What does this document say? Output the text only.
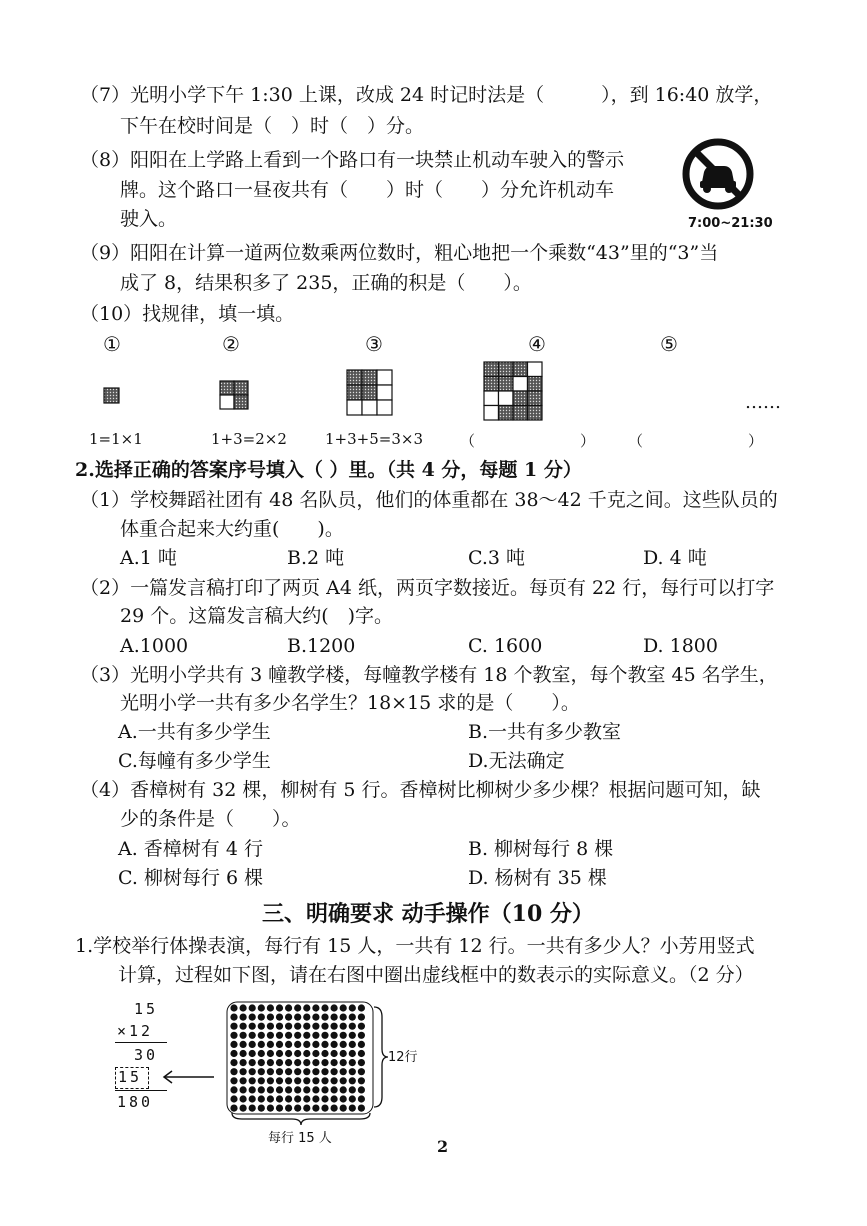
（7）光明小学下午 1:30 上课，改成 24 时记时法是（　　　），到 16:40 放学，
下午在校时间是（　）时（　）分。
（8）阳阳在上学路上看到一个路口有一块禁止机动车驶入的警示
牌。这个路口一昼夜共有（　　）时（　　）分允许机动车
驶入。	7:00~21:30
（9）阳阳在计算一道两位数乘两位数时，粗心地把一个乘数“43”里的“3”当
成了 8，结果积多了 235，正确的积是（　　）。
（10）找规律，填一填。
①	②	③	④	⑤
……
1=1×1	1+3=2×2	1+3+5=3×3 （　　　　　　　） （　　　　　　　）
2.选择正确的答案序号填入（ ）里。（共 4 分，每题 1 分）
（1）学校舞蹈社团有 48 名队员，他们的体重都在 38～42 千克之间。这些队员的
体重合起来大约重(　　)。
A.1 吨	B.2 吨	C.3 吨	D. 4 吨
（2）一篇发言稿打印了两页 A4 纸，两页字数接近。每页有 22 行，每行可以打字
29 个。这篇发言稿大约(　)字。
A.1000	B.1200	C. 1600	D. 1800
（3）光明小学共有 3 幢教学楼，每幢教学楼有 18 个教室，每个教室 45 名学生，
光明小学一共有多少名学生？18×15 求的是（　　）。
A.一共有多少学生	B.一共有多少教室
C.每幢有多少学生	D.无法确定
（4）香樟树有 32 棵，柳树有 5 行。香樟树比柳树少多少棵？根据问题可知，缺
少的条件是（　　）。
A. 香樟树有 4 行	B. 柳树每行 8 棵
C. 柳树每行 6 棵	D. 杨树有 35 棵
三、明确要求 动手操作（10 分）
1.学校举行体操表演，每行有 15 人，一共有 12 行。一共有多少人？小芳用竖式
计算，过程如下图，请在右图中圈出虚线框中的数表示的实际意义。（2 分）
15
×12
30
15
180
12行
每行 15 人	2
